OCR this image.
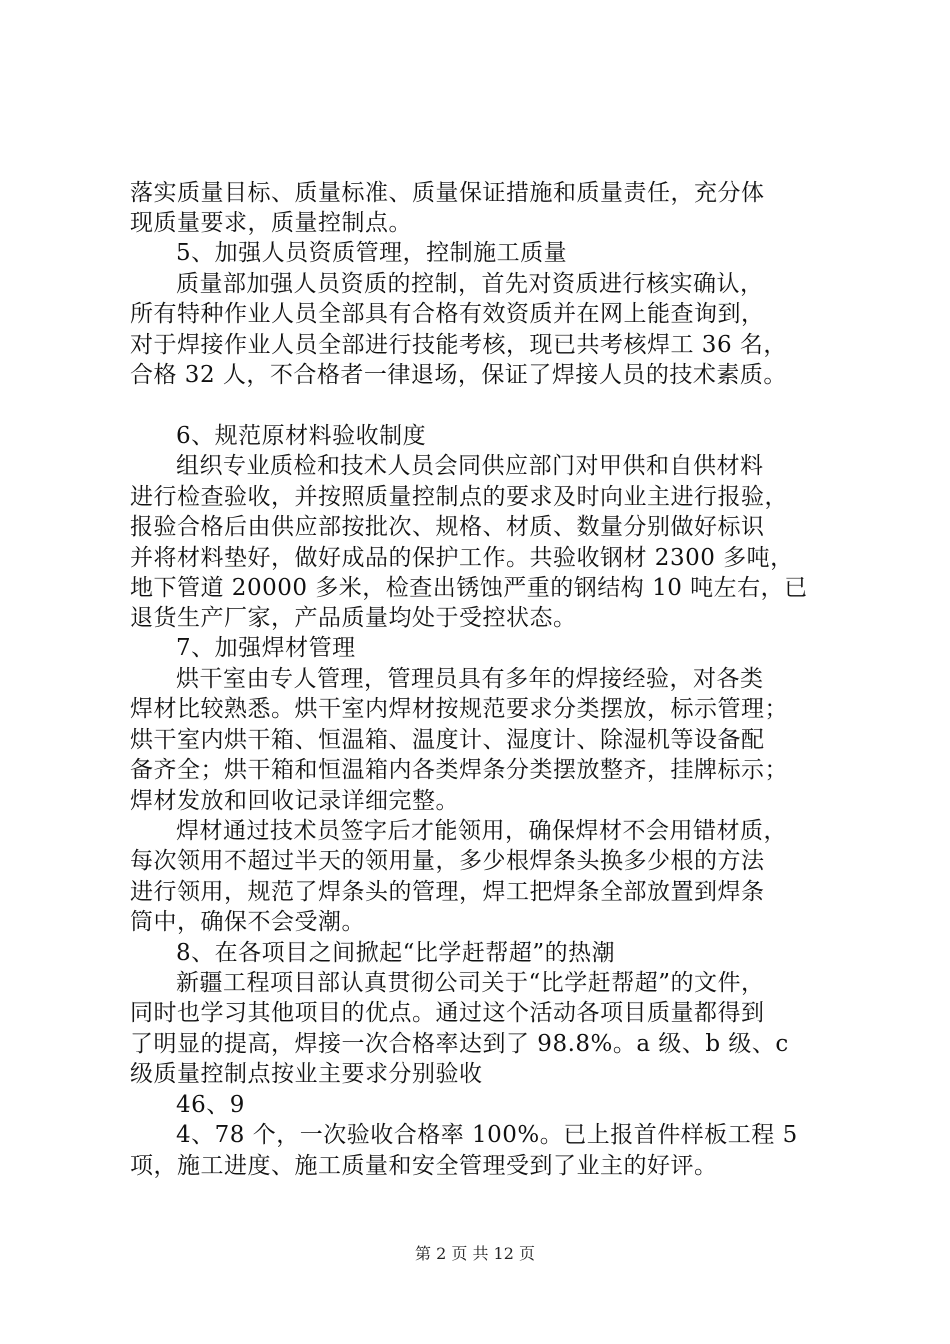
落实质量目标、质量标准、质量保证措施和质量责任，充分体
现质量要求，质量控制点。
5、加强人员资质管理，控制施工质量
质量部加强人员资质的控制，首先对资质进行核实确认，
所有特种作业人员全部具有合格有效资质并在网上能查询到，
对于焊接作业人员全部进行技能考核，现已共考核焊工 36 名，
合格 32 人，不合格者一律退场，保证了焊接人员的技术素质。
6、规范原材料验收制度
组织专业质检和技术人员会同供应部门对甲供和自供材料
进行检查验收，并按照质量控制点的要求及时向业主进行报验，
报验合格后由供应部按批次、规格、材质、数量分别做好标识
并将材料垫好，做好成品的保护工作。共验收钢材 2300 多吨，
地下管道 20000 多米，检查出锈蚀严重的钢结构 10 吨左右，已
退货生产厂家，产品质量均处于受控状态。
7、加强焊材管理
烘干室由专人管理，管理员具有多年的焊接经验，对各类
焊材比较熟悉。烘干室内焊材按规范要求分类摆放，标示管理；
烘干室内烘干箱、恒温箱、温度计、湿度计、除湿机等设备配
备齐全；烘干箱和恒温箱内各类焊条分类摆放整齐，挂牌标示；
焊材发放和回收记录详细完整。
焊材通过技术员签字后才能领用，确保焊材不会用错材质，
每次领用不超过半天的领用量，多少根焊条头换多少根的方法
进行领用，规范了焊条头的管理，焊工把焊条全部放置到焊条
筒中，确保不会受潮。
8、在各项目之间掀起“比学赶帮超”的热潮
新疆工程项目部认真贯彻公司关于“比学赶帮超”的文件，
同时也学习其他项目的优点。通过这个活动各项目质量都得到
了明显的提高，焊接一次合格率达到了 98.8%。a 级、b 级、c
级质量控制点按业主要求分别验收
46、9
4、78 个，一次验收合格率 100%。已上报首件样板工程 5
项，施工进度、施工质量和安全管理受到了业主的好评。
第 2 页 共 12 页
